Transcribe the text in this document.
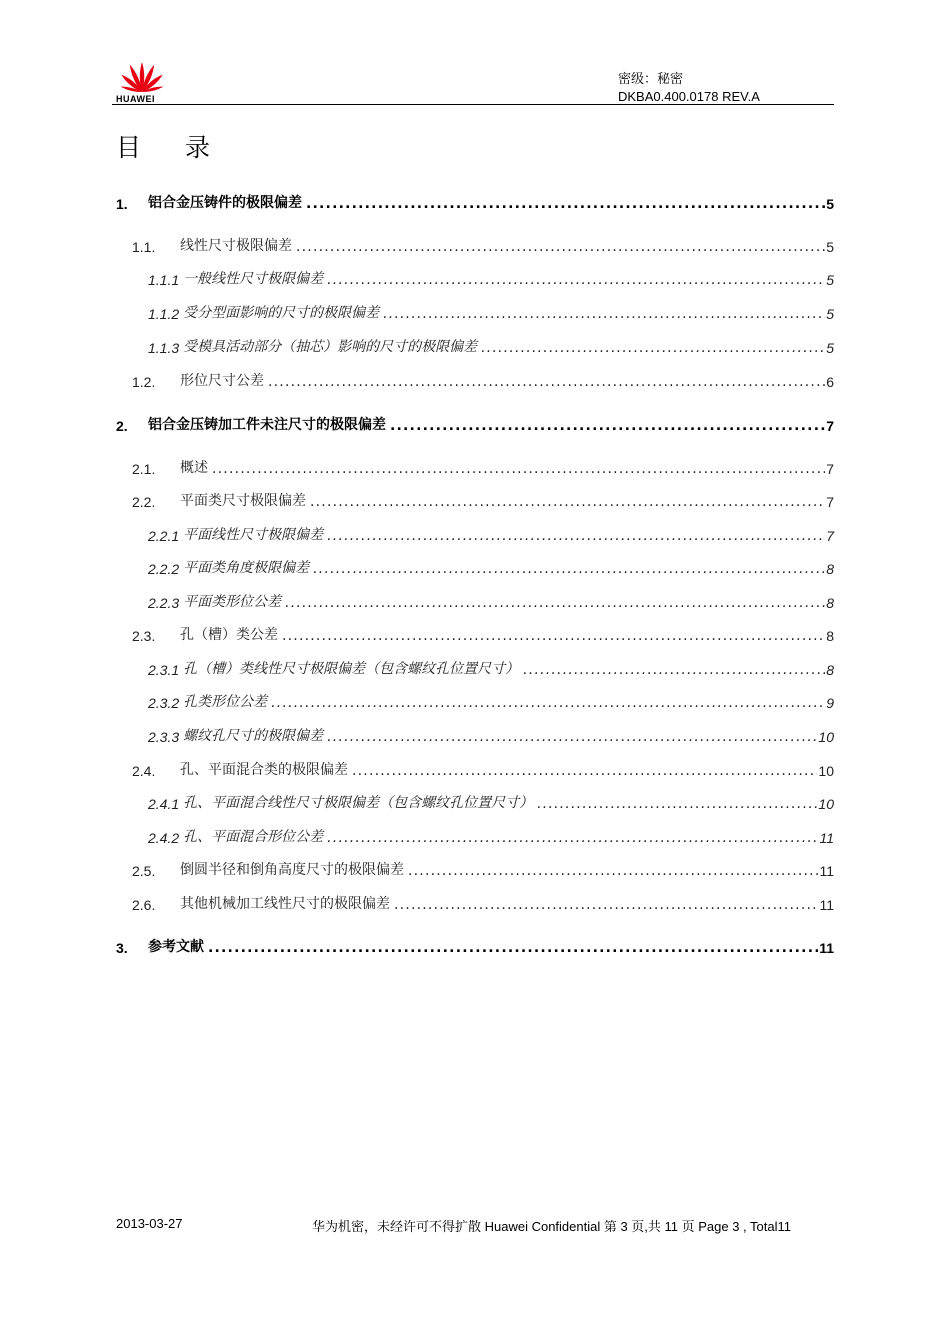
HUAWEI
密级：秘密
DKBA0.400.0178 REV.A
目 录
1.	铝合金压铸件的极限偏差 .....	5
1.1.	线性尺寸极限偏差 .....	5
1.1.1 一般线性尺寸极限偏差 .....	5
1.1.2 受分型面影响的尺寸的极限偏差 .....	5
1.1.3 受模具活动部分（抽芯）影响的尺寸的极限偏差 .....	5
1.2.	形位尺寸公差 .....	6
2.	铝合金压铸加工件未注尺寸的极限偏差 .....	7
2.1.	概述 .....	7
2.2.	平面类尺寸极限偏差 .....	7
2.2.1 平面线性尺寸极限偏差 .....	7
2.2.2 平面类角度极限偏差 .....	8
2.2.3 平面类形位公差 .....	8
2.3.	孔（槽）类公差 .....	8
2.3.1 孔（槽）类线性尺寸极限偏差（包含螺纹孔位置尺寸） .....	8
2.3.2 孔类形位公差 .....	9
2.3.3 螺纹孔尺寸的极限偏差 .....	10
2.4.	孔、平面混合类的极限偏差 .....	10
2.4.1 孔、平面混合线性尺寸极限偏差（包含螺纹孔位置尺寸） .....	10
2.4.2 孔、平面混合形位公差 .....	11
2.5.	倒圆半径和倒角高度尺寸的极限偏差 .....	11
2.6.	其他机械加工线性尺寸的极限偏差 .....	11
3.	参考文献 .....	11
2013-03-27	华为机密，未经许可不得扩散 Huawei Confidential 第 3 页,共 11 页 Page 3 , Total11
